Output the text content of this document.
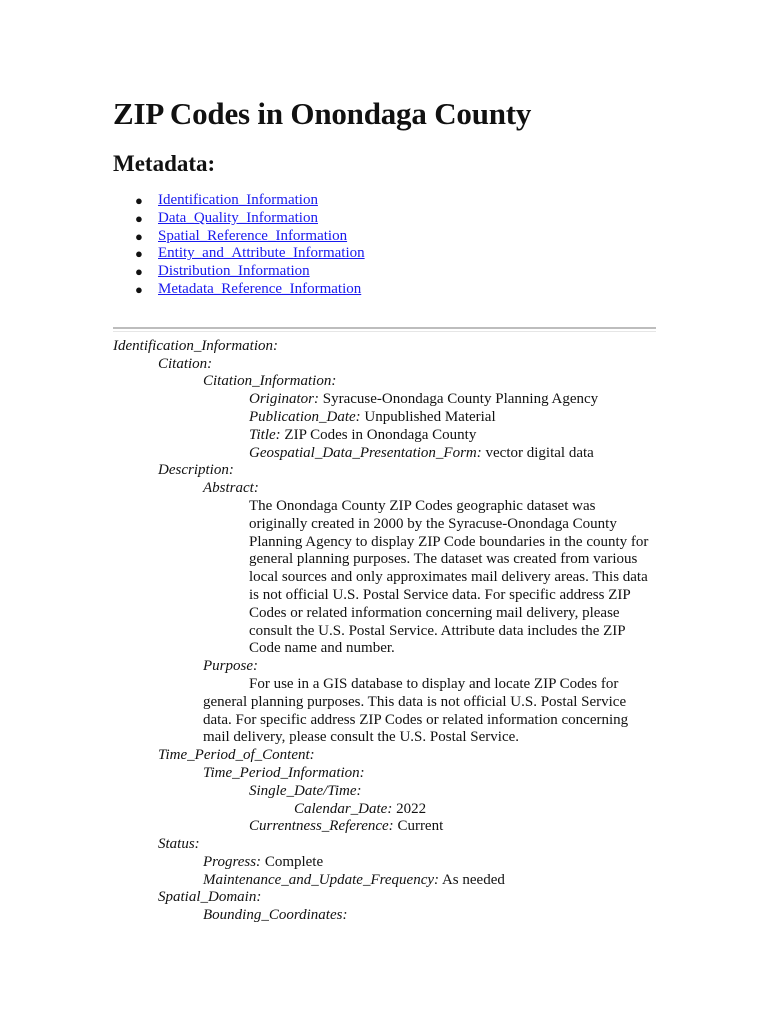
ZIP Codes in Onondaga County
Metadata:
● Identification_Information
● Data_Quality_Information
● Spatial_Reference_Information
● Entity_and_Attribute_Information
● Distribution_Information
● Metadata_Reference_Information
Identification_Information:
Citation:
Citation_Information:
Originator: Syracuse-Onondaga County Planning Agency
Publication_Date: Unpublished Material
Title: ZIP Codes in Onondaga County
Geospatial_Data_Presentation_Form: vector digital data
Description:
Abstract:
The Onondaga County ZIP Codes geographic dataset was originally created in 2000 by the Syracuse-Onondaga County Planning Agency to display ZIP Code boundaries in the county for general planning purposes. The dataset was created from various local sources and only approximates mail delivery areas. This data is not official U.S. Postal Service data. For specific address ZIP Codes or related information concerning mail delivery, please consult the U.S. Postal Service. Attribute data includes the ZIP Code name and number.
Purpose:
For use in a GIS database to display and locate ZIP Codes for general planning purposes. This data is not official U.S. Postal Service data. For specific address ZIP Codes or related information concerning mail delivery, please consult the U.S. Postal Service.
Time_Period_of_Content:
Time_Period_Information:
Single_Date/Time:
Calendar_Date: 2022
Currentness_Reference: Current
Status:
Progress: Complete
Maintenance_and_Update_Frequency: As needed
Spatial_Domain:
Bounding_Coordinates:
